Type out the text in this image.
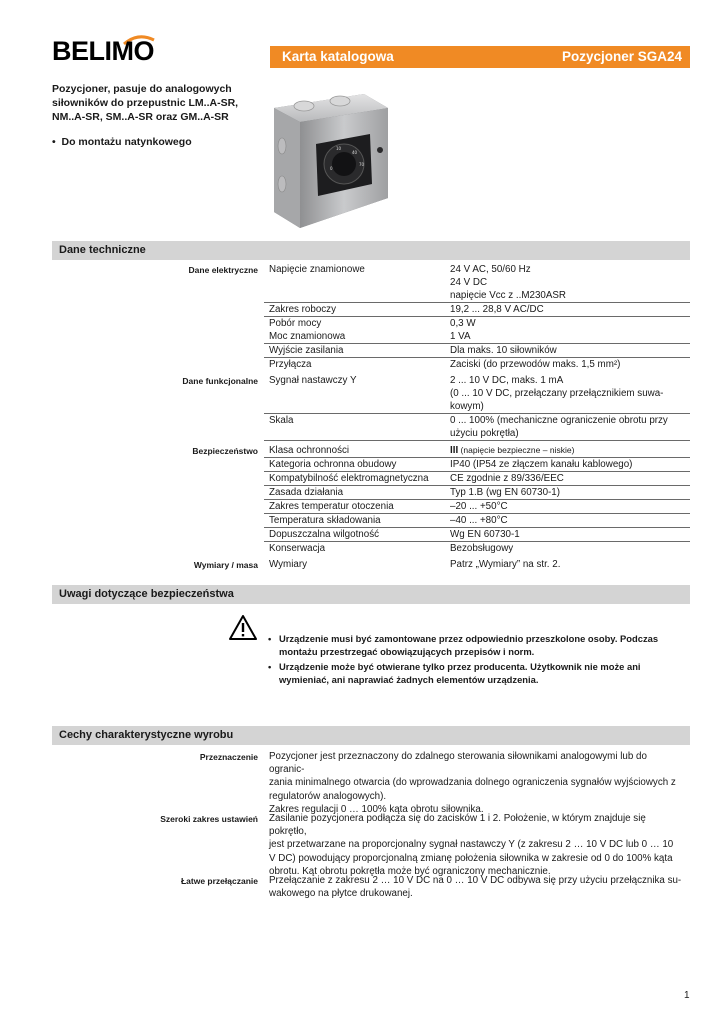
BELIMO	Karta katalogowa	Pozycjoner SGA24
Pozycjoner, pasuje do analogowych
siłowników do przepustnic LM..A-SR,
NM..A-SR, SM..A-SR oraz GM..A-SR
•  Do montażu natynkowego
10
40
70
0
Dane techniczne
Dane elektryczne	Napięcie znamionowe	24 V AC, 50/60 Hz
24 V DC
napięcie Vcc z ..M230ASR
Zakres roboczy	19,2 ... 28,8 V AC/DC
Pobór mocy	0,3 W
Moc znamionowa	1 VA
Wyjście zasilania	Dla maks. 10 siłowników
Przyłącza	Zaciski (do przewodów maks. 1,5 mm²)
Dane funkcjonalne	Sygnał nastawczy Y	2 ... 10 V DC, maks. 1 mA
(0 ... 10 V DC, przełączany przełącznikiem suwa-
kowym)
Skala	0 ... 100% (mechaniczne ograniczenie obrotu przy
użyciu pokrętła)
Bezpieczeństwo	Klasa ochronności	III (napięcie bezpieczne – niskie)
Kategoria ochronna obudowy	IP40 (IP54 ze złączem kanału kablowego)
Kompatybilność elektromagnetyczna	CE zgodnie z 89/336/EEC
Zasada działania	Typ 1.B (wg EN 60730-1)
Zakres temperatur otoczenia	–20 ... +50°C
Temperatura składowania	–40 ... +80°C
Dopuszczalna wilgotność	Wg EN 60730-1
Konserwacja	Bezobsługowy
Wymiary / masa	Wymiary	Patrz „Wymiary” na str. 2.
Uwagi dotyczące bezpieczeństwa
• Urządzenie musi być zamontowane przez odpowiednio przeszkolone osoby. Podczas montażu przestrzegać obowiązujących przepisów i norm.
• Urządzenie może być otwierane tylko przez producenta. Użytkownik nie może ani wymieniać, ani naprawiać żadnych elementów urządzenia.
Cechy charakterystyczne wyrobu
Przeznaczenie	Pozycjoner jest przeznaczony do zdalnego sterowania siłownikami analogowymi lub do ogranic-
zania minimalnego otwarcia (do wprowadzania dolnego ograniczenia sygnałów wyjściowych z
regulatorów analogowych).
Zakres regulacji 0 … 100% kąta obrotu siłownika.
Szeroki zakres ustawień	Zasilanie pozycjonera podłącza się do zacisków 1 i 2. Położenie, w którym znajduje się pokrętło,
jest przetwarzane na proporcjonalny sygnał nastawczy Y (z zakresu 2 … 10 V DC lub 0 … 10
V DC) powodujący proporcjonalną zmianę położenia siłownika w zakresie od 0 do 100% kąta
obrotu. Kąt obrotu pokrętła może być ograniczony mechanicznie.
Łatwe przełączanie	Przełączanie z zakresu 2 … 10 V DC na 0 … 10 V DC odbywa się przy użyciu przełącznika su-
wakowego na płytce drukowanej.
1
